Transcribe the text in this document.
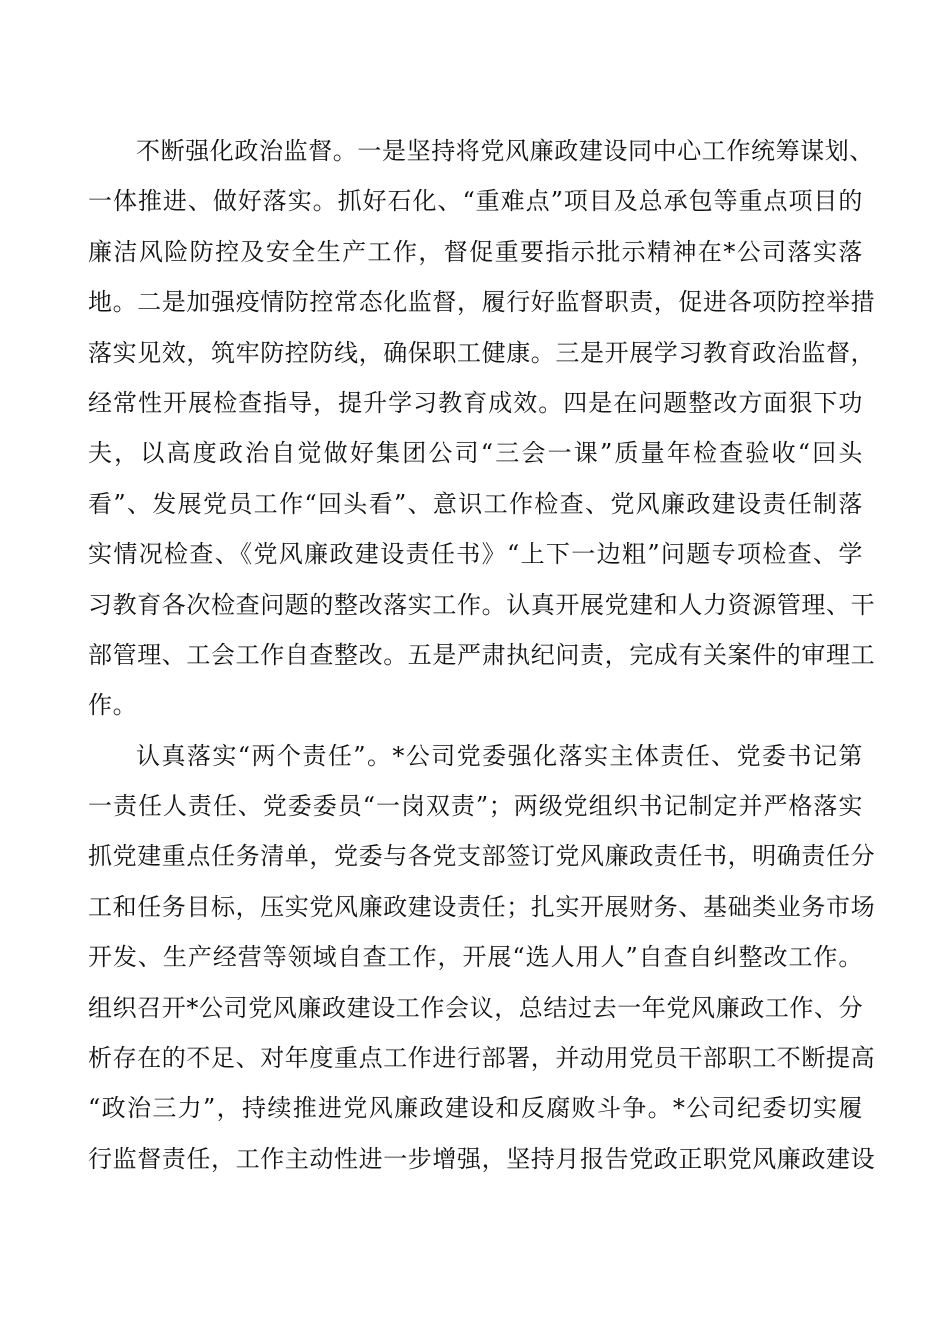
不断强化政治监督。一是坚持将党风廉政建设同中心工作统筹谋划、
一体推进、做好落实。抓好石化、“重难点”项目及总承包等重点项目的
廉洁风险防控及安全生产工作，督促重要指示批示精神在*公司落实落
地。二是加强疫情防控常态化监督，履行好监督职责，促进各项防控举措
落实见效，筑牢防控防线，确保职工健康。三是开展学习教育政治监督，
经常性开展检查指导，提升学习教育成效。四是在问题整改方面狠下功
夫，以高度政治自觉做好集团公司“三会一课”质量年检查验收“回头
看”、发展党员工作“回头看”、意识工作检查、党风廉政建设责任制落
实情况检查、《党风廉政建设责任书》“上下一边粗”问题专项检查、学
习教育各次检查问题的整改落实工作。认真开展党建和人力资源管理、干
部管理、工会工作自查整改。五是严肃执纪问责，完成有关案件的审理工
作。
认真落实“两个责任”。*公司党委强化落实主体责任、党委书记第
一责任人责任、党委委员“一岗双责”；两级党组织书记制定并严格落实
抓党建重点任务清单，党委与各党支部签订党风廉政责任书，明确责任分
工和任务目标，压实党风廉政建设责任；扎实开展财务、基础类业务市场
开发、生产经营等领域自查工作，开展“选人用人”自查自纠整改工作。
组织召开*公司党风廉政建设工作会议，总结过去一年党风廉政工作、分
析存在的不足、对年度重点工作进行部署，并动用党员干部职工不断提高
“政治三力”，持续推进党风廉政建设和反腐败斗争。*公司纪委切实履
行监督责任，工作主动性进一步增强，坚持月报告党政正职党风廉政建设
